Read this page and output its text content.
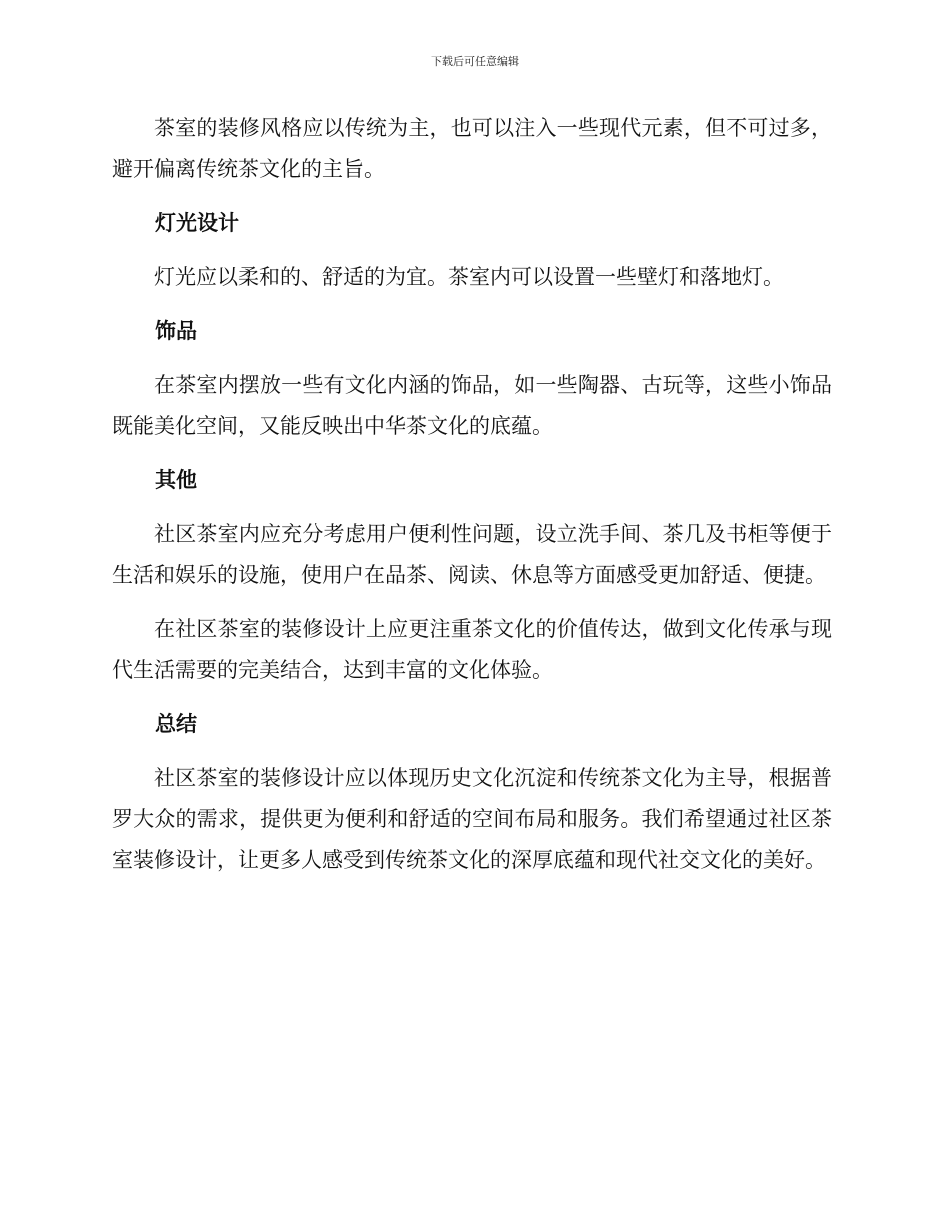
下载后可任意编辑

茶室的装修风格应以传统为主，也可以注入一些现代元素，但不可过多，避开偏离传统茶文化的主旨。

灯光设计

灯光应以柔和的、舒适的为宜。茶室内可以设置一些壁灯和落地灯。

饰品

在茶室内摆放一些有文化内涵的饰品，如一些陶器、古玩等，这些小饰品既能美化空间，又能反映出中华茶文化的底蕴。

其他

社区茶室内应充分考虑用户便利性问题，设立洗手间、茶几及书柜等便于生活和娱乐的设施，使用户在品茶、阅读、休息等方面感受更加舒适、便捷。

在社区茶室的装修设计上应更注重茶文化的价值传达，做到文化传承与现代生活需要的完美结合，达到丰富的文化体验。

总结

社区茶室的装修设计应以体现历史文化沉淀和传统茶文化为主导，根据普罗大众的需求，提供更为便利和舒适的空间布局和服务。我们希望通过社区茶室装修设计，让更多人感受到传统茶文化的深厚底蕴和现代社交文化的美好。
